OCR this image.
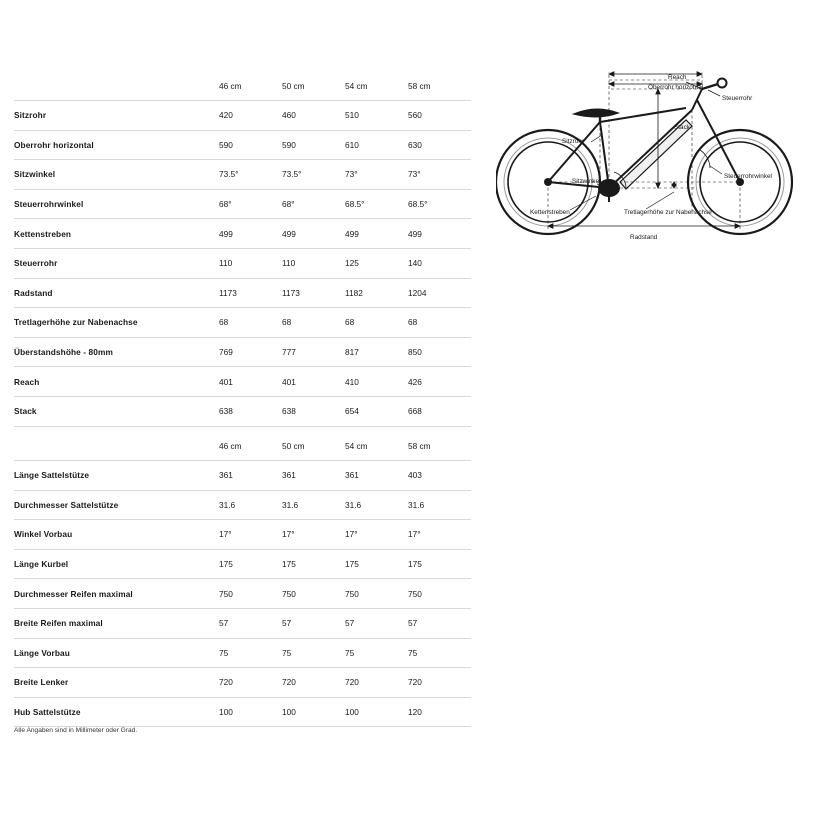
	46 cm	50 cm	54 cm	58 cm
Sitzrohr	420	460	510	560
Oberrohr horizontal	590	590	610	630
Sitzwinkel	73.5°	73.5°	73°	73°
Steuerrohrwinkel	68°	68°	68.5°	68.5°
Kettenstreben	499	499	499	499
Steuerrohr	110	110	125	140
Radstand	1173	1173	1182	1204
Tretlagerhöhe zur Nabenachse	68	68	68	68
Überstandshöhe - 80mm	769	777	817	850
Reach	401	401	410	426
Stack	638	638	654	668
	46 cm	50 cm	54 cm	58 cm
Länge Sattelstütze	361	361	361	403
Durchmesser Sattelstütze	31.6	31.6	31.6	31.6
Winkel Vorbau	17°	17°	17°	17°
Länge Kurbel	175	175	175	175
Durchmesser Reifen maximal	750	750	750	750
Breite Reifen maximal	57	57	57	57
Länge Vorbau	75	75	75	75
Breite Lenker	720	720	720	720
Hub Sattelstütze	100	100	100	120
Alle Angaben sind in Millimeter oder Grad.
Reach
Oberrohr horizontal
Steuerrohr
Stack
Sitzrohr
Sitzwinkel
Steuerrohrwinkel
Kettenstreben	Tretlagerhöhe zur Nabenachse
Radstand
